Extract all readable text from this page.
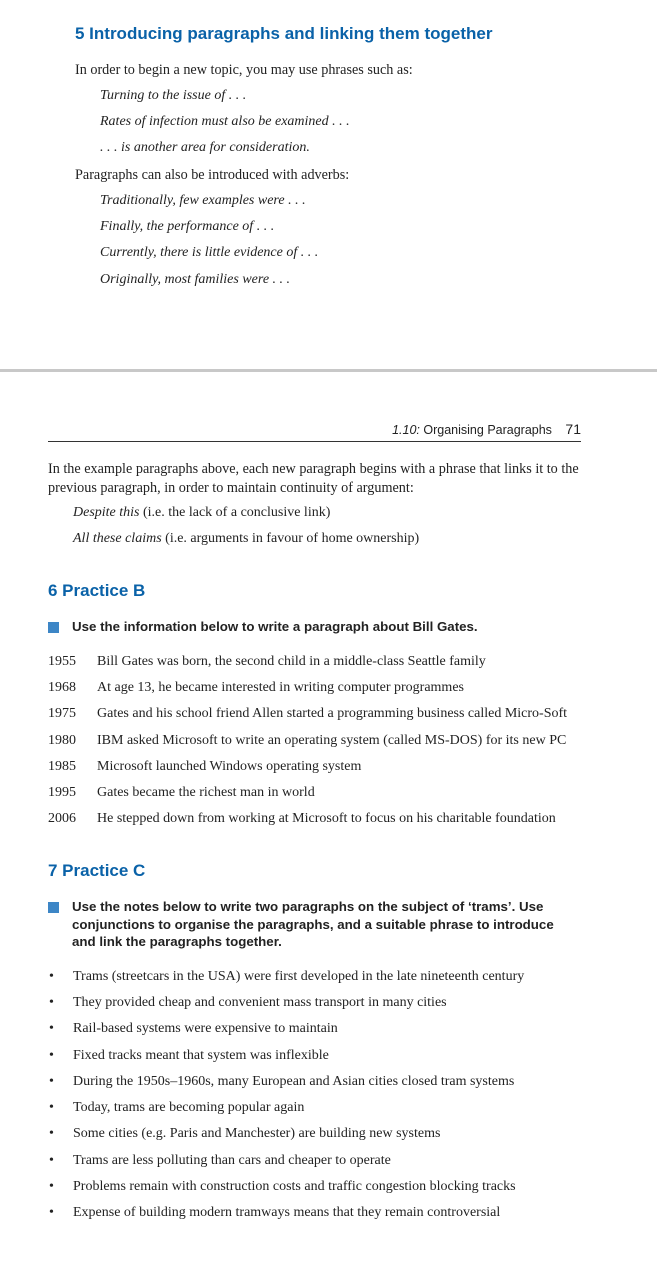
5 Introducing paragraphs and linking them together
In order to begin a new topic, you may use phrases such as:
Turning to the issue of . . .
Rates of infection must also be examined . . .
. . . is another area for consideration.
Paragraphs can also be introduced with adverbs:
Traditionally, few examples were . . .
Finally, the performance of . . .
Currently, there is little evidence of . . .
Originally, most families were . . .
1.10: Organising Paragraphs 71
In the example paragraphs above, each new paragraph begins with a phrase that links it to the previous paragraph, in order to maintain continuity of argument:
Despite this (i.e. the lack of a conclusive link)
All these claims (i.e. arguments in favour of home ownership)
6 Practice B
Use the information below to write a paragraph about Bill Gates.
1955 Bill Gates was born, the second child in a middle-class Seattle family
1968 At age 13, he became interested in writing computer programmes
1975 Gates and his school friend Allen started a programming business called Micro-Soft
1980 IBM asked Microsoft to write an operating system (called MS-DOS) for its new PC
1985 Microsoft launched Windows operating system
1995 Gates became the richest man in world
2006 He stepped down from working at Microsoft to focus on his charitable foundation
7 Practice C
Use the notes below to write two paragraphs on the subject of ‘trams’. Use conjunctions to organise the paragraphs, and a suitable phrase to introduce and link the paragraphs together.
• Trams (streetcars in the USA) were first developed in the late nineteenth century
• They provided cheap and convenient mass transport in many cities
• Rail-based systems were expensive to maintain
• Fixed tracks meant that system was inflexible
• During the 1950s–1960s, many European and Asian cities closed tram systems
• Today, trams are becoming popular again
• Some cities (e.g. Paris and Manchester) are building new systems
• Trams are less polluting than cars and cheaper to operate
• Problems remain with construction costs and traffic congestion blocking tracks
• Expense of building modern tramways means that they remain controversial
